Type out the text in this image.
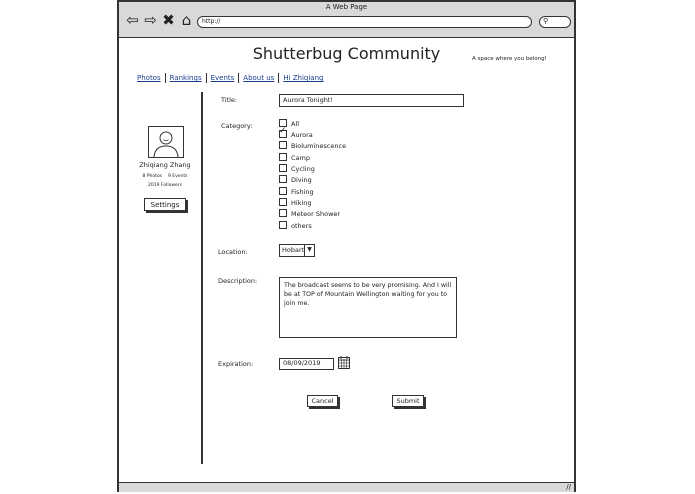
A Web Page
⇦ ⇨ ✖ ⌂	http://	⚲
Shutterbug Community	A space where you belong!
Photos	Rankings	Events	About us	Hi Zhiqiang
Zhiqiang Zhang
8 Photos 9 Events
2019 Followers
Settings
Title:	Aurora Tonight!
Category:	All
✓Aurora
Bioluminescence
Camp
Cycling
Diving
Fishing
Hiking
Meteor Shower
others
Location:	Hobart ▼
Description:
The broadcast seems to be very promising. And I will be at TOP of Mountain Wellington waiting for you to join me.
Expiration:	08/09/2019
Cancel	Submit
//
